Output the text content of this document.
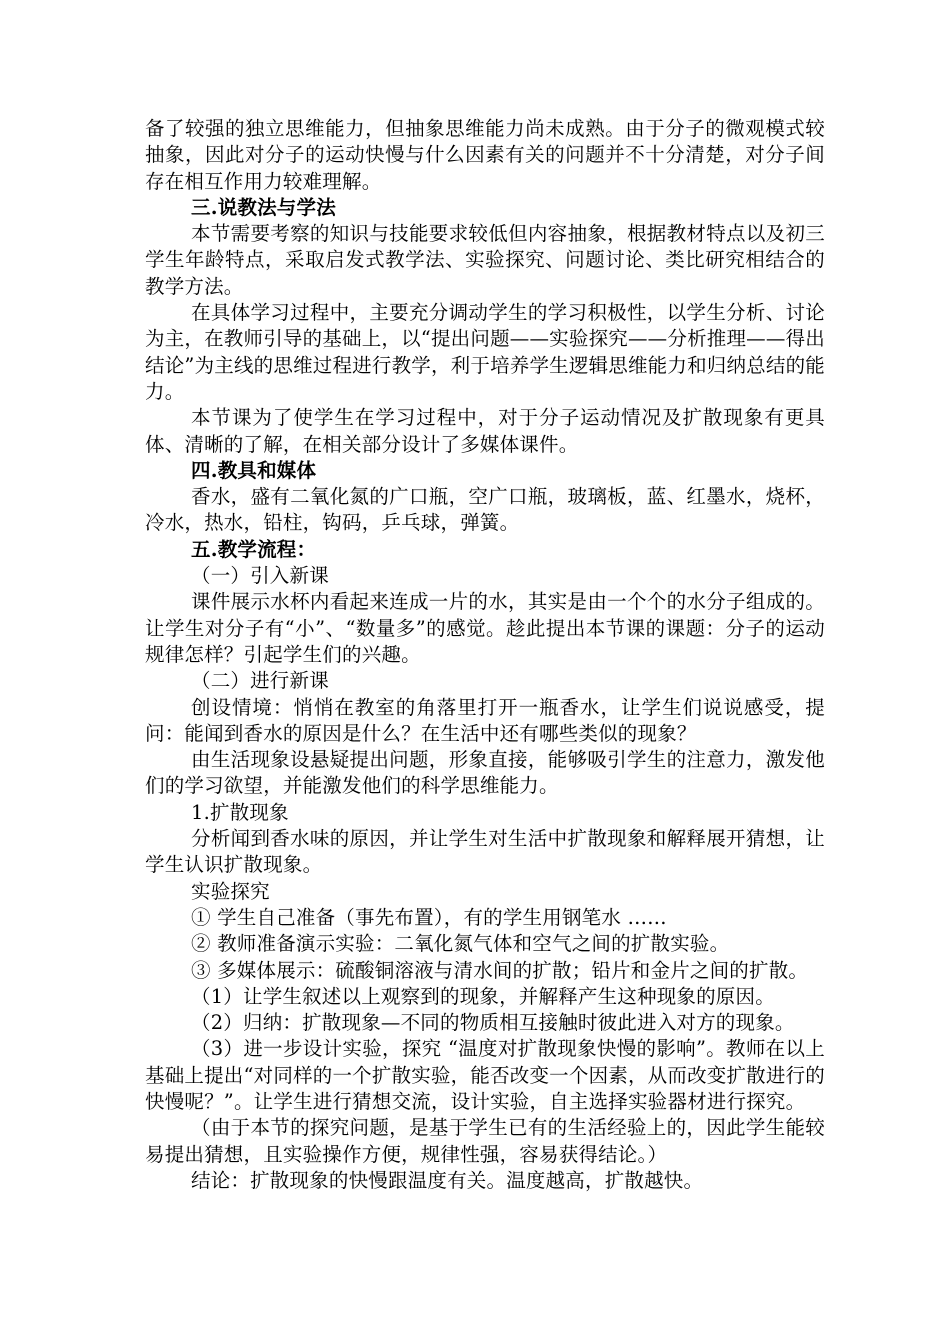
备了较强的独立思维能力，但抽象思维能力尚未成熟。由于分子的微观模式较抽象，因此对分子的运动快慢与什么因素有关的问题并不十分清楚，对分子间存在相互作用力较难理解。

三.说教法与学法

本节需要考察的知识与技能要求较低但内容抽象，根据教材特点以及初三学生年龄特点，采取启发式教学法、实验探究、问题讨论、类比研究相结合的教学方法。

在具体学习过程中，主要充分调动学生的学习积极性，以学生分析、讨论为主，在教师引导的基础上，以“提出问题——实验探究——分析推理——得出结论”为主线的思维过程进行教学，利于培养学生逻辑思维能力和归纳总结的能力。

本节课为了使学生在学习过程中，对于分子运动情况及扩散现象有更具体、清晰的了解，在相关部分设计了多媒体课件。

四.教具和媒体

香水，盛有二氧化氮的广口瓶，空广口瓶，玻璃板，蓝、红墨水，烧杯，冷水，热水，铅柱，钩码，乒乓球，弹簧。

五.教学流程：

（一）引入新课

课件展示水杯内看起来连成一片的水，其实是由一个个的水分子组成的。让学生对分子有“小”、“数量多”的感觉。趁此提出本节课的课题：分子的运动规律怎样？引起学生们的兴趣。

（二）进行新课

创设情境：悄悄在教室的角落里打开一瓶香水，让学生们说说感受，提问：能闻到香水的原因是什么？在生活中还有哪些类似的现象？

由生活现象设悬疑提出问题，形象直接，能够吸引学生的注意力，激发他们的学习欲望，并能激发他们的科学思维能力。

1.扩散现象

分析闻到香水味的原因，并让学生对生活中扩散现象和解释展开猜想，让学生认识扩散现象。

实验探究

① 学生自己准备（事先布置），有的学生用钢笔水 ……

② 教师准备演示实验：二氧化氮气体和空气之间的扩散实验。

③ 多媒体展示：硫酸铜溶液与清水间的扩散；铅片和金片之间的扩散。

（1）让学生叙述以上观察到的现象，并解释产生这种现象的原因。

（2）归纳：扩散现象—不同的物质相互接触时彼此进入对方的现象。

（3）进一步设计实验，探究 “温度对扩散现象快慢的影响”。教师在以上基础上提出“对同样的一个扩散实验，能否改变一个因素，从而改变扩散进行的快慢呢？”。让学生进行猜想交流，设计实验，自主选择实验器材进行探究。

（由于本节的探究问题，是基于学生已有的生活经验上的，因此学生能较易提出猜想，且实验操作方便，规律性强，容易获得结论。）

结论：扩散现象的快慢跟温度有关。温度越高，扩散越快。
